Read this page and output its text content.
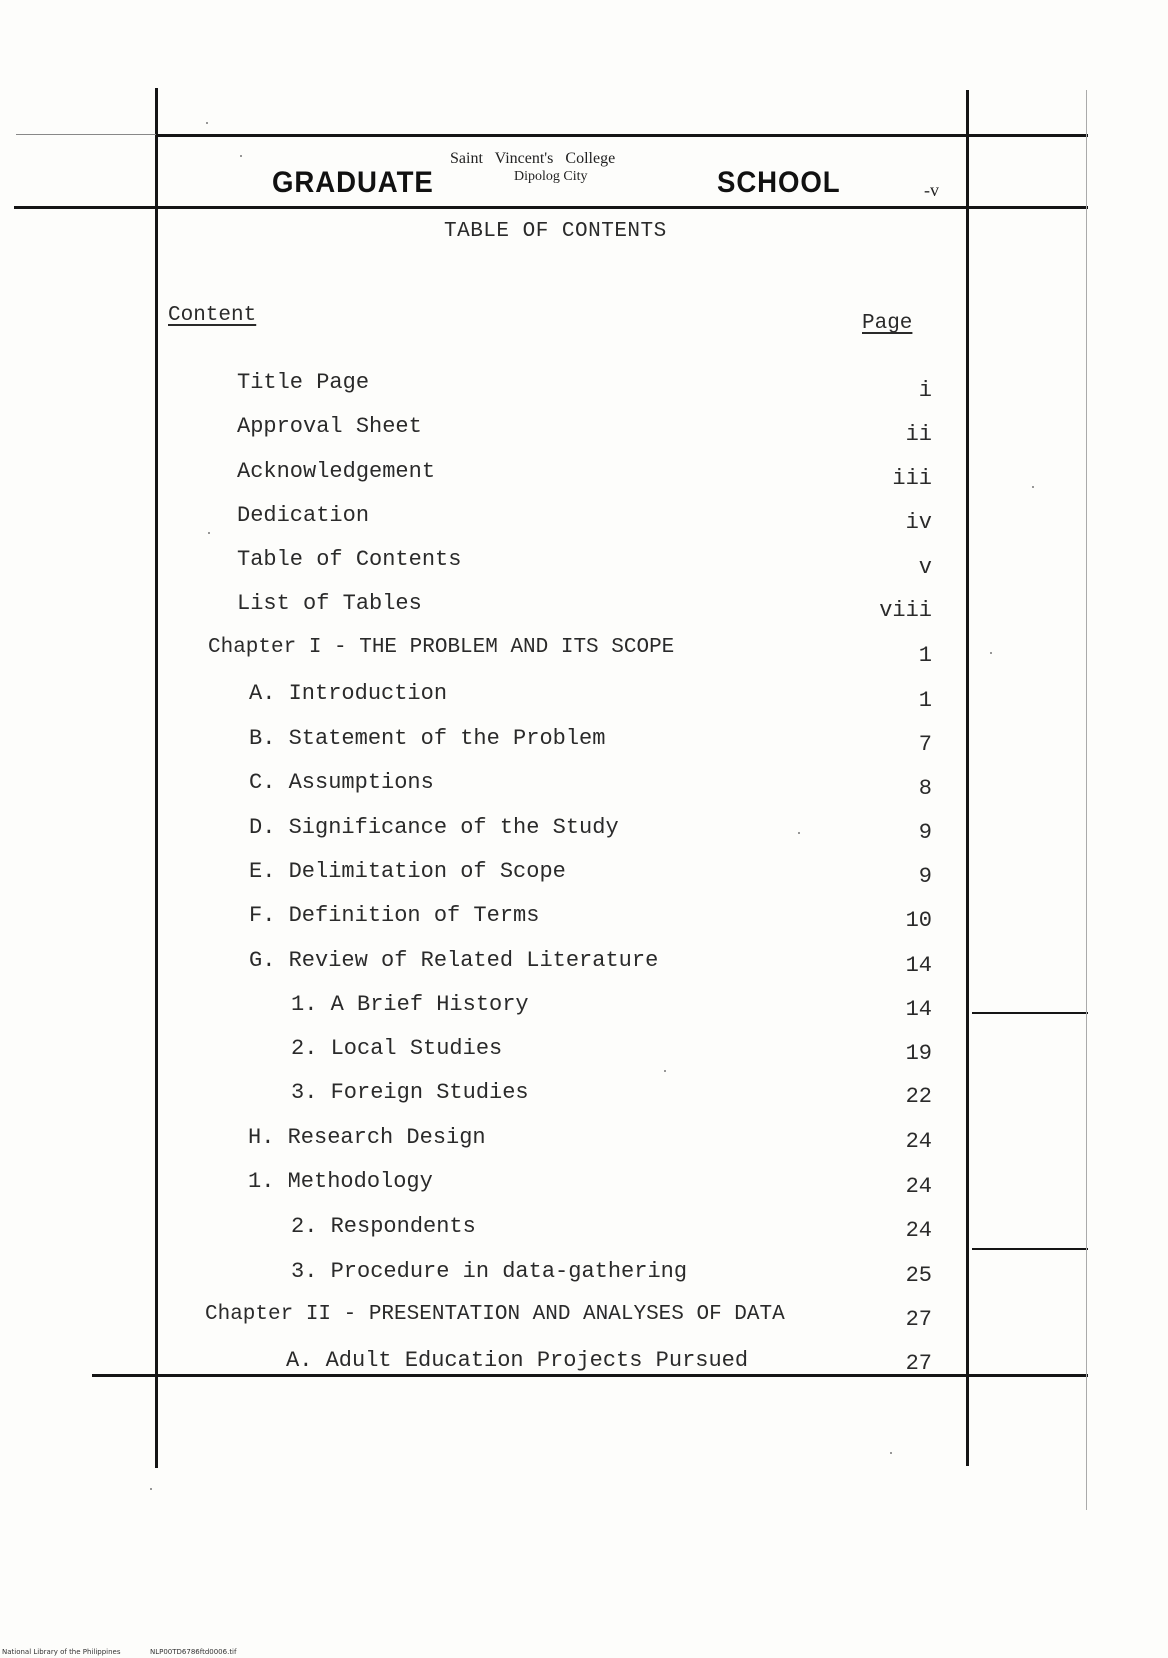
GRADUATE	SCHOOL
Saint   Vincent's   College
Dipolog City
-v
TABLE OF CONTENTS
Content	Page
Title Page	i
Approval Sheet	ii
Acknowledgement	iii
Dedication	iv
Table of Contents	v
List of Tables	viii
Chapter I - THE PROBLEM AND ITS SCOPE	1
A. Introduction	1
B. Statement of the Problem	7
C. Assumptions	8
D. Significance of the Study	9
E. Delimitation of Scope	9
F. Definition of Terms	10
G. Review of Related Literature	14
1. A Brief History	14
2. Local Studies	19
3. Foreign Studies	22
H. Research Design	24
1. Methodology	24
2. Respondents	24
3. Procedure in data-gathering	25
Chapter II - PRESENTATION AND ANALYSES OF DATA	27
A. Adult Education Projects Pursued	27
National Library of the Philippines	NLP00TD6786ftd0006.tif
